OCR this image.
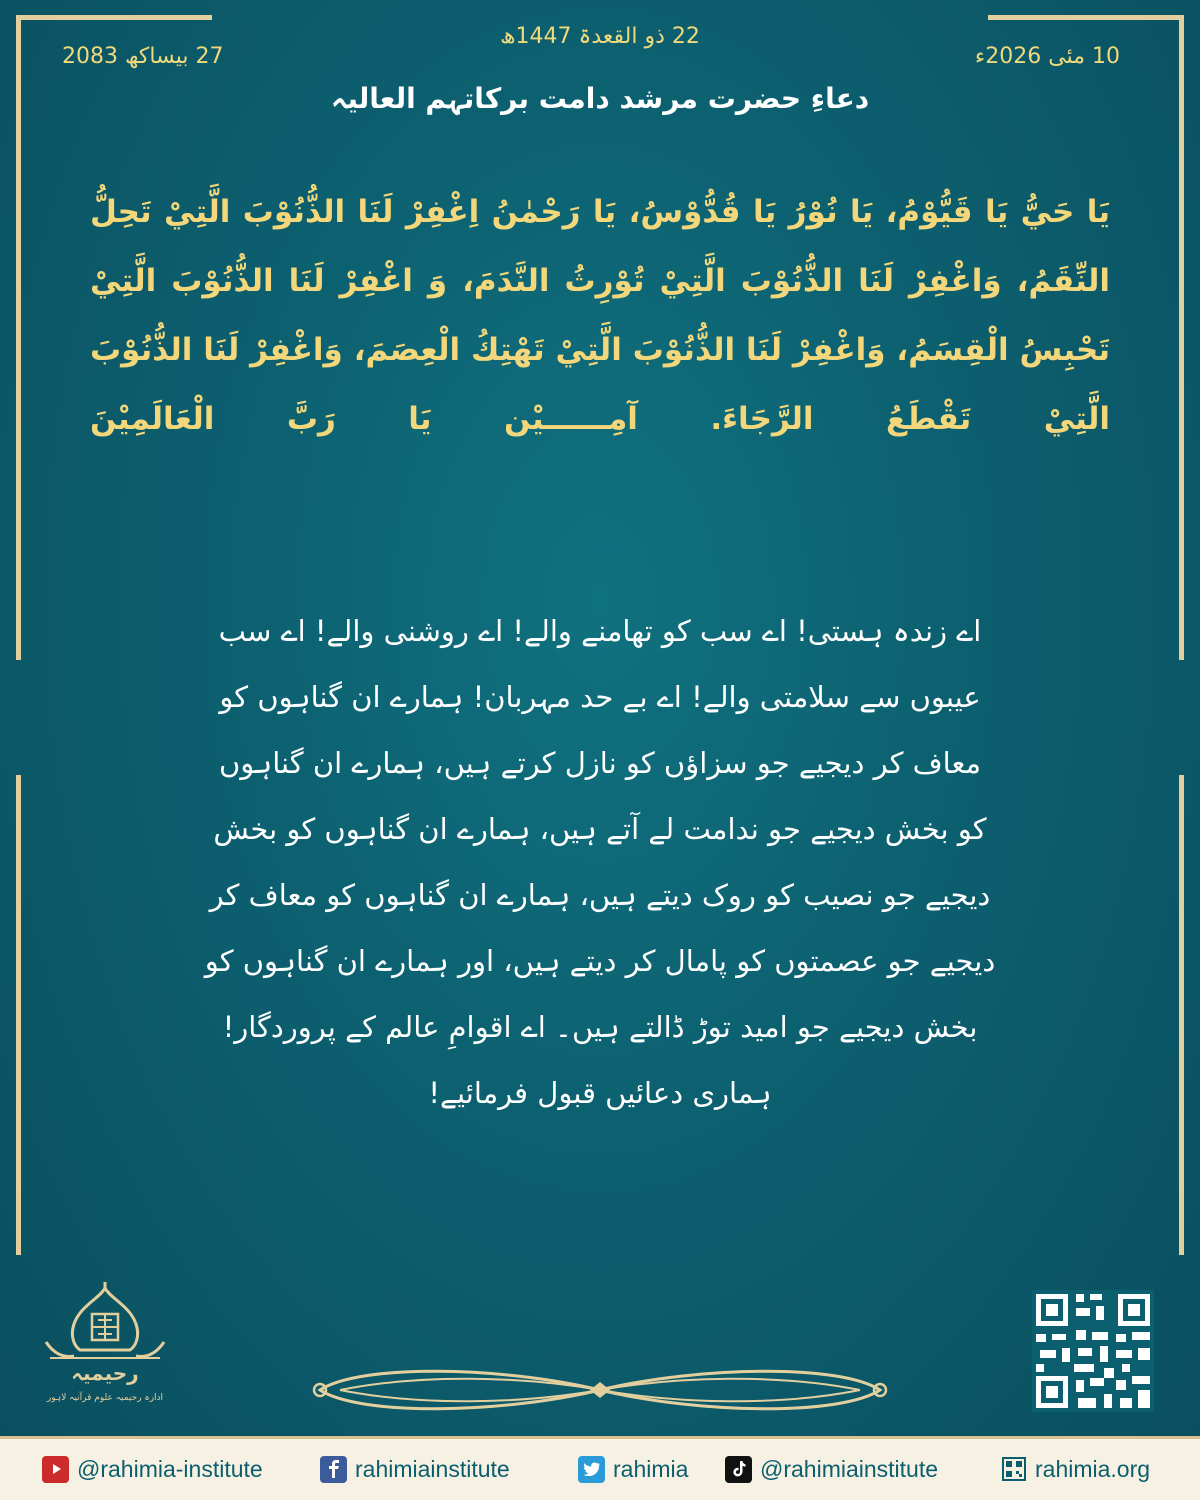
22 ذو القعدۃ 1447ھ
10 مئی 2026ء
27 بیساکھ 2083
دعاءِ حضرت مرشد دامت برکاتہم العالیہ
يَا حَيُّ يَا قَيُّوْمُ، يَا نُوْرُ يَا قُدُّوْسُ، يَا رَحْمٰنُ اِغْفِرْ لَنَا الذُّنُوْبَ الَّتِيْ تَحِلُّ النِّقَمُ، وَاغْفِرْ لَنَا الذُّنُوْبَ الَّتِيْ تُوْرِثُ النَّدَمَ، وَ اغْفِرْ لَنَا الذُّنُوْبَ الَّتِيْ تَحْبِسُ الْقِسَمُ، وَاغْفِرْ لَنَا الذُّنُوْبَ الَّتِيْ تَهْتِكُ الْعِصَمَ، وَاغْفِرْ لَنَا الذُّنُوْبَ الَّتِيْ تَقْطَعُ الرَّجَاءَ. آمِــــــيْن يَا رَبَّ الْعَالَمِيْنَ
اے زندہ ہستی! اے سب کو تھامنے والے! اے روشنی والے! اے سب عیبوں سے سلامتی والے! اے بے حد مہربان! ہمارے ان گناہوں کو معاف کر دیجیے جو سزاؤں کو نازل کرتے ہیں، ہمارے ان گناہوں کو بخش دیجیے جو ندامت لے آتے ہیں، ہمارے ان گناہوں کو بخش دیجیے جو نصیب کو روک دیتے ہیں، ہمارے ان گناہوں کو معاف کر دیجیے جو عصمتوں کو پامال کر دیتے ہیں، اور ہمارے ان گناہوں کو بخش دیجیے جو امید توڑ ڈالتے ہیں۔ اے اقوامِ عالم کے پروردگار! ہماری دعائیں قبول فرمائیے!
رحیمیہ
ادارہ رحیمیہ علوم قرآنیہ لاہور
@rahimia-institute	rahimiainstitute	rahimia	@rahimiainstitute	rahimia.org
